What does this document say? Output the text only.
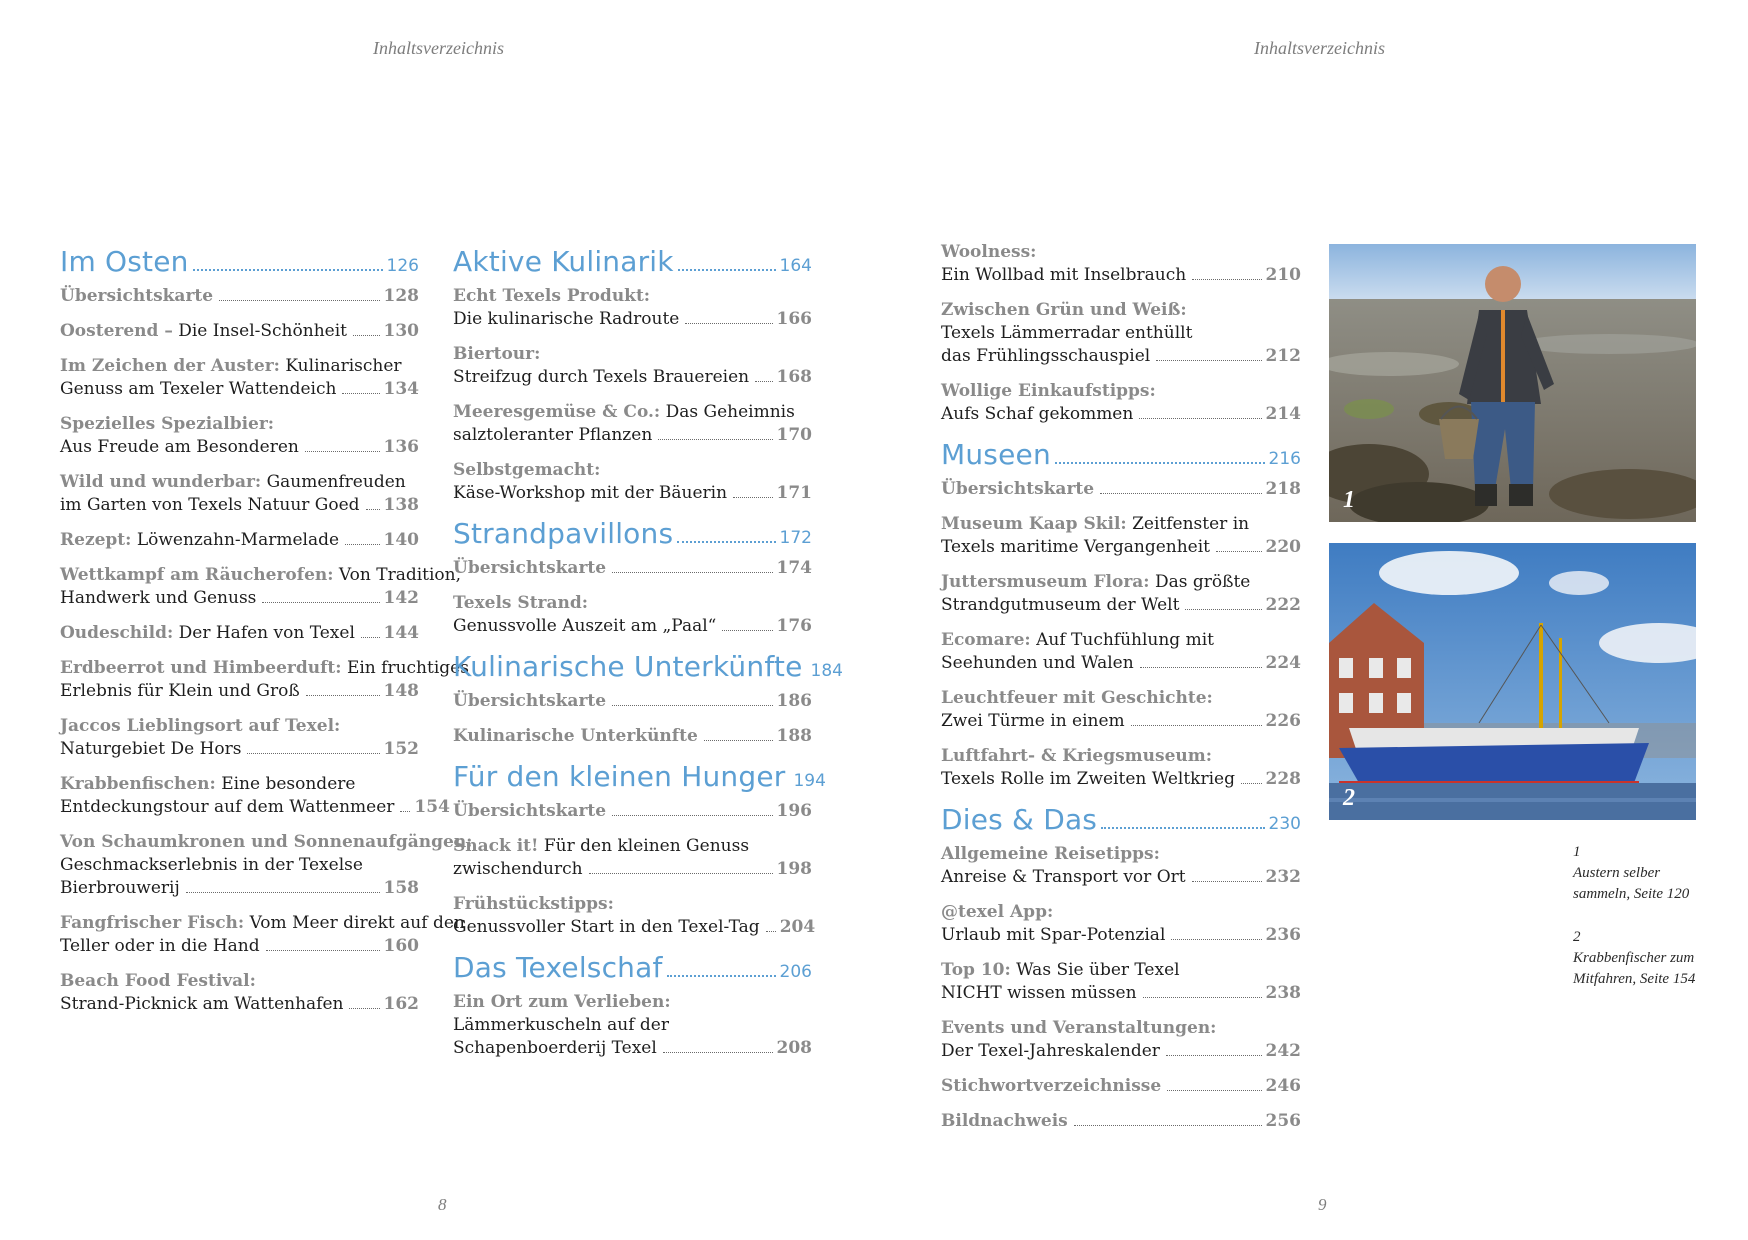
Inhaltsverzeichnis	Inhaltsverzeichnis
8	9
Im Osten	126
Übersichtskarte	128
Oosterend – Die Insel-Schönheit 130
Im Zeichen der Auster: Kulinarischer
Genuss am Texeler Wattendeich	134
Spezielles Spezialbier:
Aus Freude am Besonderen	136
Wild und wunderbar: Gaumenfreuden
im Garten von Texels Natuur Goed 138
Rezept: Löwenzahn-Marmelade	140
Wettkampf am Räucherofen: Von Tradition,
Handwerk und Genuss	142
Oudeschild: Der Hafen von Texel 144
Erdbeerrot und Himbeerduft: Ein fruchtiges
Erlebnis für Klein und Groß	148
Jaccos Lieblingsort auf Texel:
Naturgebiet De Hors	152
Krabbenfischen: Eine besondere
Entdeckungstour auf dem Wattenmeer 154
Von Schaumkronen und Sonnenaufgängen:
Geschmackserlebnis in der Texelse
Bierbrouwerij	158
Fangfrischer Fisch: Vom Meer direkt auf den
Teller oder in die Hand	160
Beach Food Festival:
Strand-Picknick am Wattenhafen 162
Aktive Kulinarik	164
Echt Texels Produkt:
Die kulinarische Radroute	166
Biertour:
Streifzug durch Texels Brauereien 168
Meeresgemüse & Co.: Das Geheimnis
salztoleranter Pflanzen	170
Selbstgemacht:
Käse-Workshop mit der Bäuerin	171
Strandpavillons	172
Übersichtskarte	174
Texels Strand:
Genussvolle Auszeit am „Paal“	176
Kulinarische Unterkünfte 184
Übersichtskarte	186
Kulinarische Unterkünfte	188
Für den kleinen Hunger 194
Übersichtskarte	196
Snack it! Für den kleinen Genuss
zwischendurch	198
Frühstückstipps:
Genussvoller Start in den Texel-Tag 204
Das Texelschaf	206
Ein Ort zum Verlieben:
Lämmerkuscheln auf der
Schapenboerderij Texel	208
Woolness:
Ein Wollbad mit Inselbrauch	210
Zwischen Grün und Weiß:
Texels Lämmerradar enthüllt
das Frühlingsschauspiel	212
Wollige Einkaufstipps:
Aufs Schaf gekommen	214
Museen	216
Übersichtskarte	218
Museum Kaap Skil: Zeitfenster in
Texels maritime Vergangenheit	220
Juttersmuseum Flora: Das größte
Strandgutmuseum der Welt	222
Ecomare: Auf Tuchfühlung mit
Seehunden und Walen	224
Leuchtfeuer mit Geschichte:
Zwei Türme in einem	226
Luftfahrt- & Kriegsmuseum:
Texels Rolle im Zweiten Weltkrieg 228
Dies & Das	230
Allgemeine Reisetipps:
Anreise & Transport vor Ort	232
@texel App:
Urlaub mit Spar-Potenzial	236
Top 10: Was Sie über Texel
NICHT wissen müssen	238
Events und Veranstaltungen:
Der Texel-Jahreskalender	242
Stichwortverzeichnisse	246
Bildnachweis	256
1
2
1
Austern selber
sammeln, Seite 120
2
Krabbenfischer zum
Mitfahren, Seite 154
